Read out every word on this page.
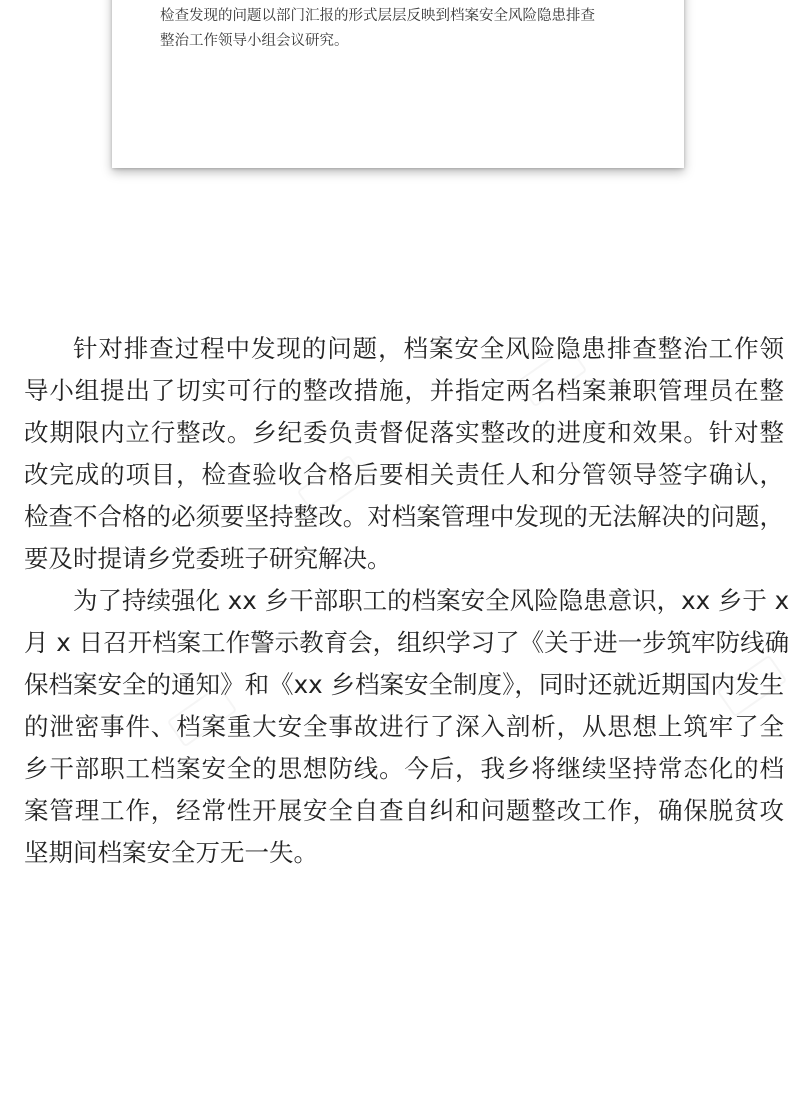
检查发现的问题以部门汇报的形式层层反映到档案安全风险隐患排查

整治工作领导小组会议研究。

针对排查过程中发现的问题，档案安全风险隐患排查整治工作领
导小组提出了切实可行的整改措施，并指定两名档案兼职管理员在整
改期限内立行整改。乡纪委负责督促落实整改的进度和效果。针对整
改完成的项目，检查验收合格后要相关责任人和分管领导签字确认，
检查不合格的必须要坚持整改。对档案管理中发现的无法解决的问题，
要及时提请乡党委班子研究解决。
为了持续强化 xx 乡干部职工的档案安全风险隐患意识，xx 乡于 x
月 x 日召开档案工作警示教育会，组织学习了《关于进一步筑牢防线确
保档案安全的通知》和《xx 乡档案安全制度》，同时还就近期国内发生
的泄密事件、档案重大安全事故进行了深入剖析，从思想上筑牢了全
乡干部职工档案安全的思想防线。今后，我乡将继续坚持常态化的档
案管理工作，经常性开展安全自查自纠和问题整改工作，确保脱贫攻
坚期间档案安全万无一失。
